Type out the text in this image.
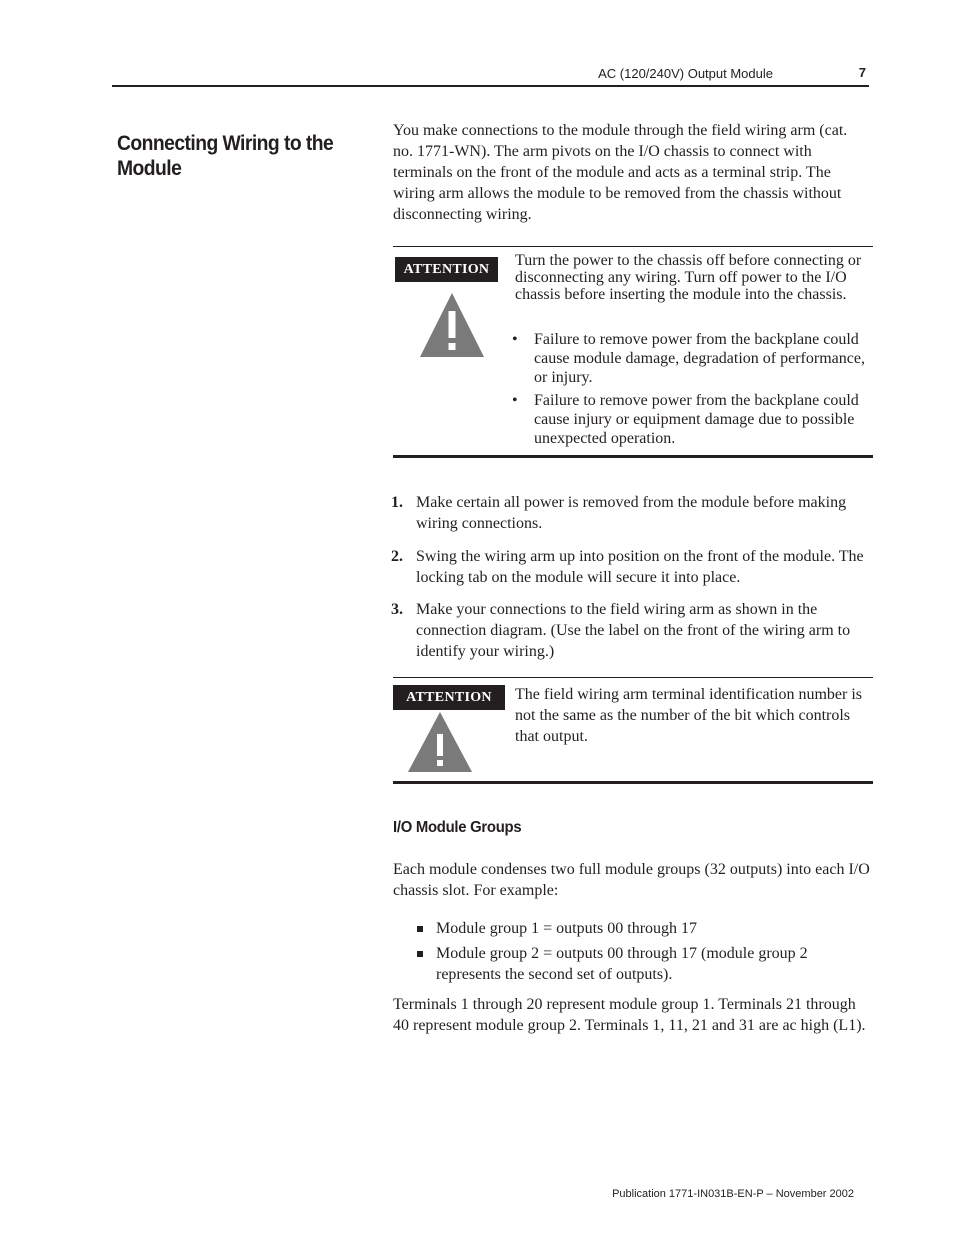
AC (120/240V) Output Module	7
Connecting Wiring to the Module

You make connections to the module through the field wiring arm (cat. no. 1771-WN). The arm pivots on the I/O chassis to connect with terminals on the front of the module and acts as a terminal strip. The wiring arm allows the module to be removed from the chassis without disconnecting wiring.

ATTENTION

Turn the power to the chassis off before connecting or disconnecting any wiring. Turn off power to the I/O chassis before inserting the module into the chassis.

• Failure to remove power from the backplane could cause module damage, degradation of performance, or injury.
• Failure to remove power from the backplane could cause injury or equipment damage due to possible unexpected operation.
1. Make certain all power is removed from the module before making wiring connections.
2. Swing the wiring arm up into position on the front of the module. The locking tab on the module will secure it into place.
3. Make your connections to the field wiring arm as shown in the connection diagram. (Use the label on the front of the wiring arm to identify your wiring.)
ATTENTION	The field wiring arm terminal identification number is not the same as the number of the bit which controls that output.

I/O Module Groups

Each module condenses two full module groups (32 outputs) into each I/O chassis slot. For example:

Module group 1 = outputs 00 through 17
Module group 2 = outputs 00 through 17 (module group 2 represents the second set of outputs).

Terminals 1 through 20 represent module group 1. Terminals 21 through 40 represent module group 2. Terminals 1, 11, 21 and 31 are ac high (L1).

Publication 1771-IN031B-EN-P – November 2002
